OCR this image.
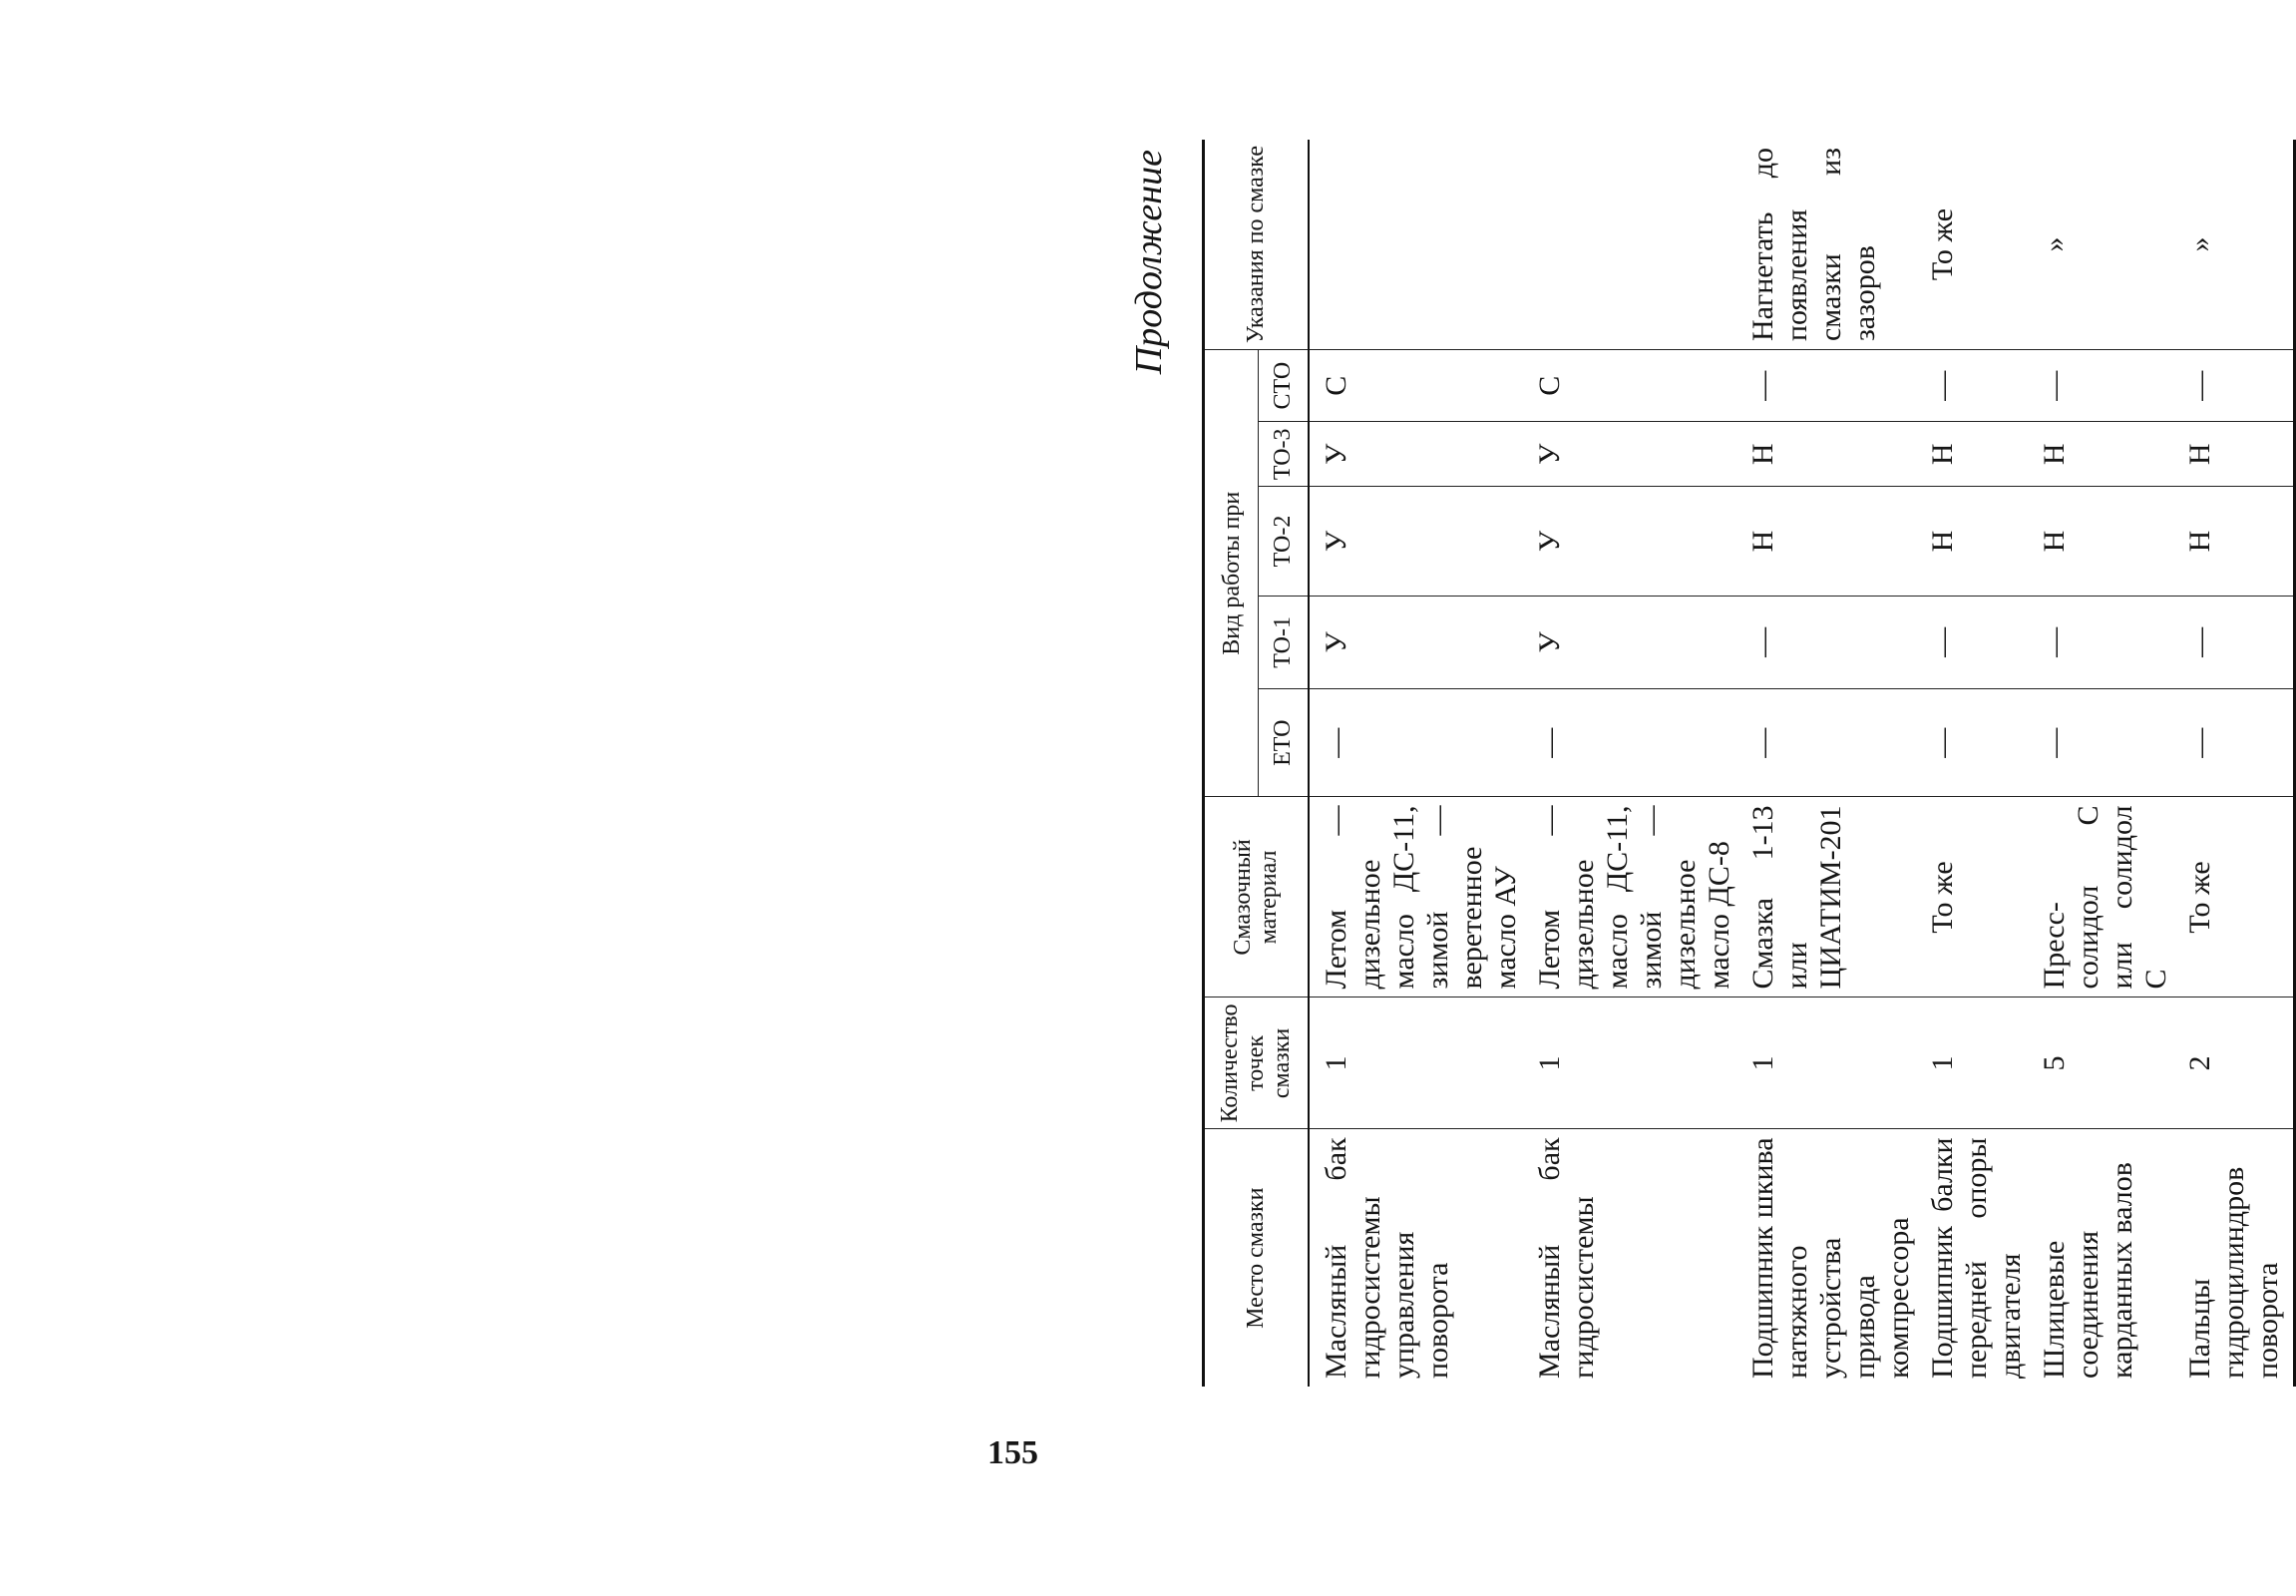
Продолжение
Место смазки	Количество точек смазки	Смазочный материал	Вид работы при					Указания по смазке
			ЕТО	ТО-1	ТО-2	ТО-3	СТО	
Масляный бак гидросистемы управления поворота	1	Летом — дизельное масло ДС-11, зимой — веретенное масло АУ	—	У	У	У	С	
Масляный бак гидросистемы	1	Летом — дизельное масло ДС-11, зимой — дизельное масло ДС-8	—	У	У	У	С	
Подшипник шкива натяжного устройства привода компрессора	1	Смазка 1-13 или ЦИАТИМ-201	—	—	Н	Н	—	Нагнетать до появления смазки из зазоров
Подшипник балки передней опоры двигателя	1	То же	—	—	Н	Н	—	То же
Шлицевые соединения карданных валов	5	Пресс-солидол С или солидол С	—	—	Н	Н	—	»
Пальцы гидроцилиндров поворота	2	То же	—	—	Н	Н	—	»
155
